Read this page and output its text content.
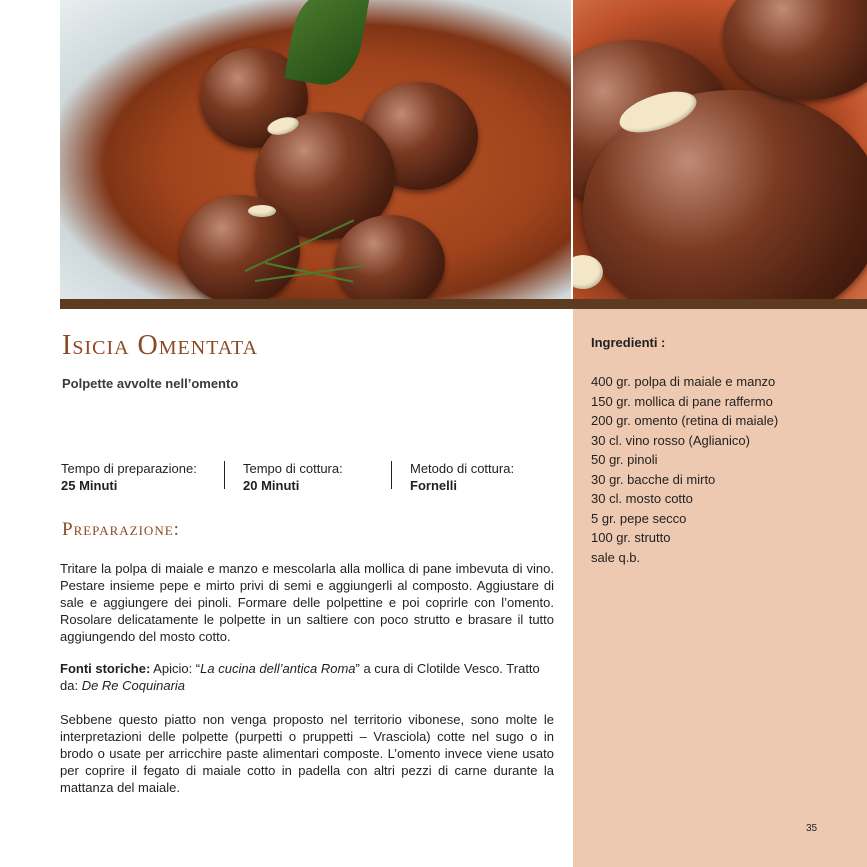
Isicia Omentata

Polpette avvolte nell’omento

Tempo di preparazione:
25 Minuti
Tempo di cottura:
20 Minuti
Metodo di cottura:
Fornelli
Preparazione:

Tritare la polpa di maiale e manzo e mescolarla alla mollica di pane imbevuta di vino. Pestare insieme pepe e mirto privi di semi e aggiungerli al composto. Aggiustare di sale e aggiungere dei pinoli. Formare delle polpettine e poi coprirle con l’omento. Rosolare delicatamente le polpette in un saltiere con poco strutto e brasare il tutto aggiungendo del mosto cotto.

Fonti storiche: Apicio: “La cucina dell’antica Roma” a cura di Clotilde Vesco. Tratto da: De Re Coquinaria

Sebbene questo piatto non venga proposto nel territorio vibonese, sono molte le interpretazioni delle polpette (purpetti o pruppetti – Vrasciola) cotte nel sugo o in brodo o usate per arricchire paste alimentari composte. L’omento invece viene usato per coprire il fegato di maiale cotto in padella con altri pezzi di carne durante la mattanza del maiale.

Ingredienti :
400 gr. polpa di maiale e manzo
150 gr. mollica di pane raffermo
200 gr. omento (retina di maiale)
30 cl. vino rosso (Aglianico)
50 gr. pinoli
30 gr. bacche di mirto
30 cl. mosto cotto
5 gr. pepe secco
100 gr. strutto
sale q.b.
35
